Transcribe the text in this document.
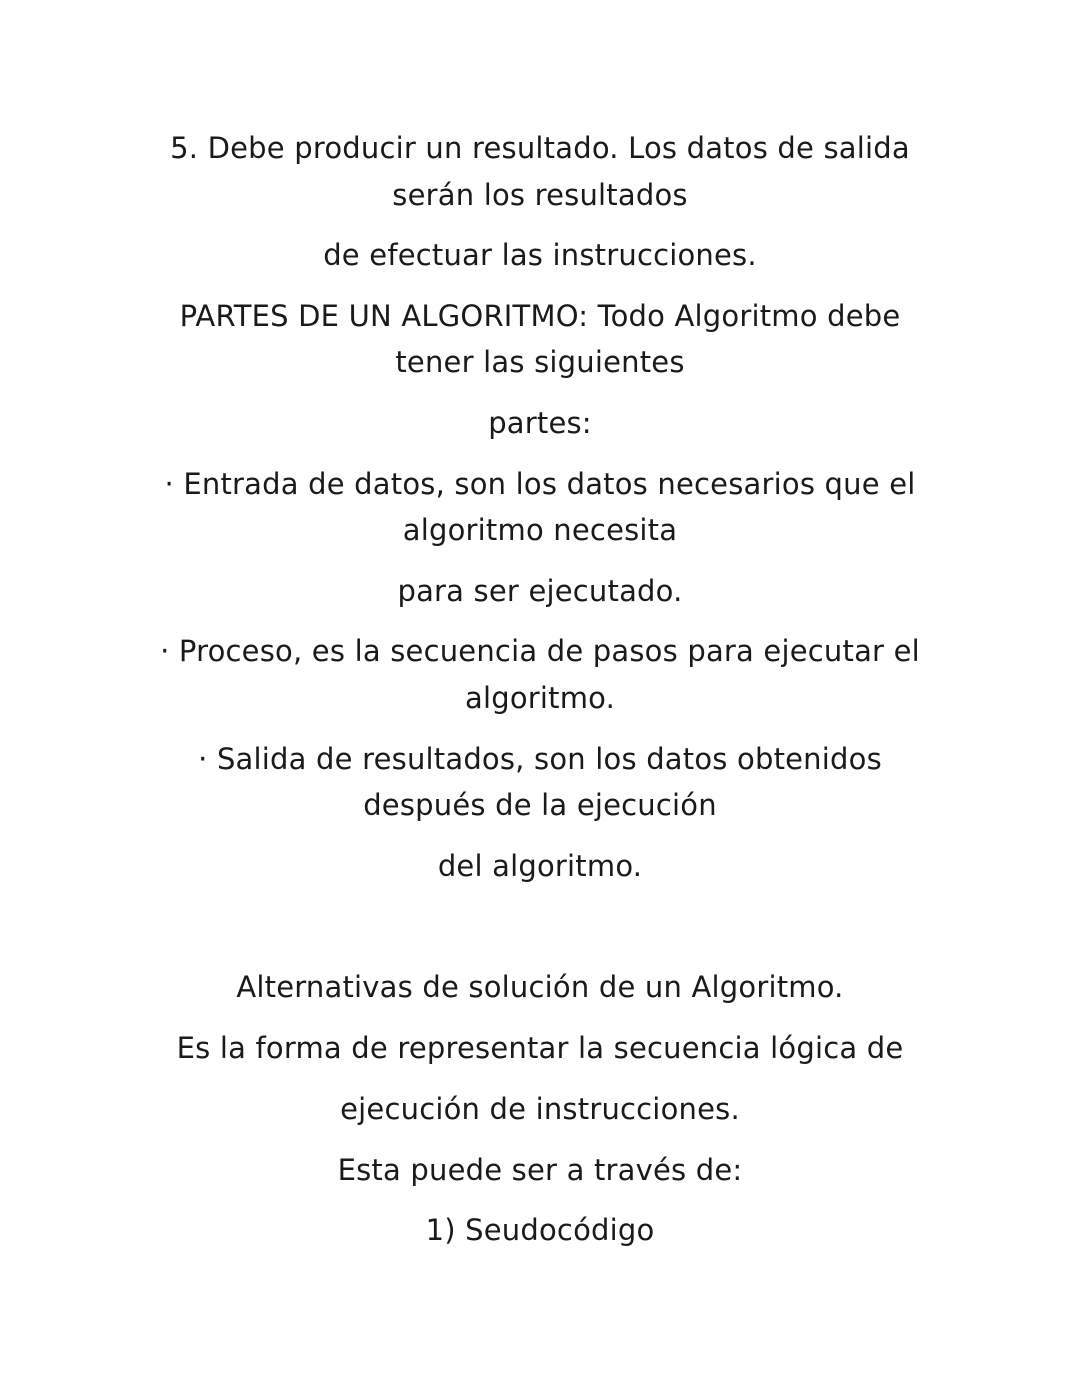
5. Debe producir un resultado. Los datos de salida
serán los resultados
de efectuar las instrucciones.
PARTES DE UN ALGORITMO: Todo Algoritmo debe
tener las siguientes
partes:
· Entrada de datos, son los datos necesarios que el
algoritmo necesita
para ser ejecutado.
· Proceso, es la secuencia de pasos para ejecutar el
algoritmo.
· Salida de resultados, son los datos obtenidos
después de la ejecución
del algoritmo.
Alternativas de solución de un Algoritmo.
Es la forma de representar la secuencia lógica de
ejecución de instrucciones.
Esta puede ser a través de:
1) Seudocódigo
